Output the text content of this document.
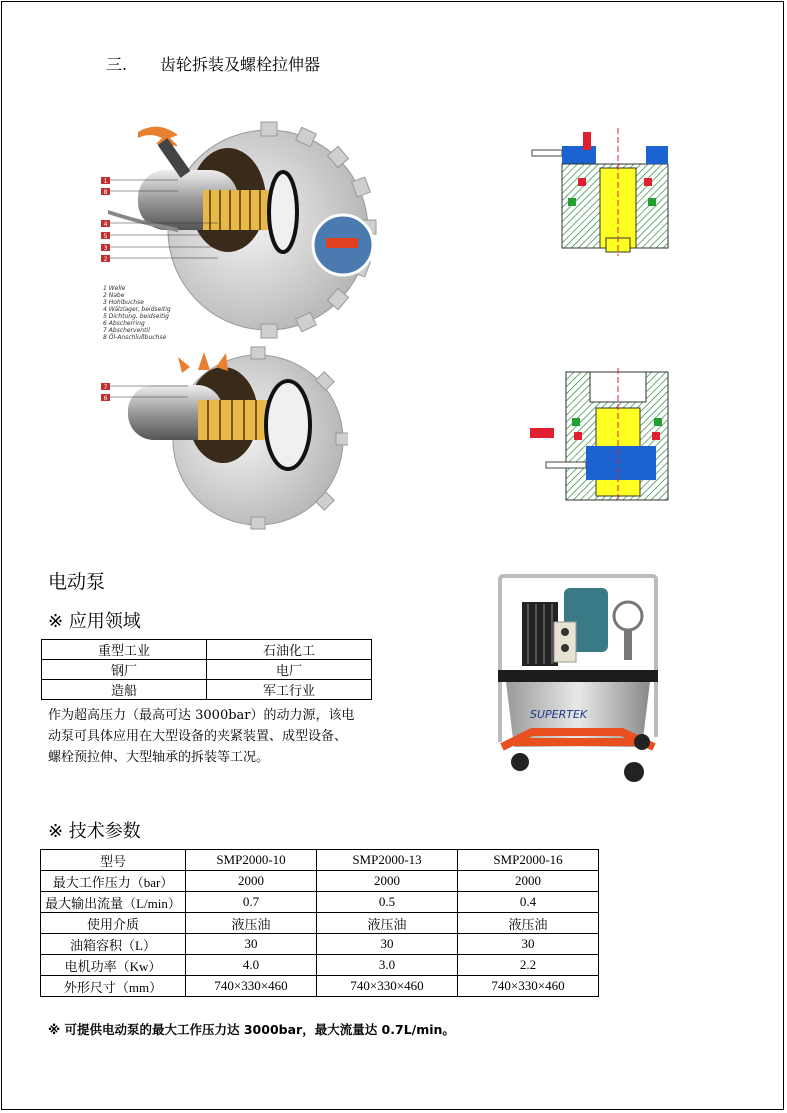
三. 齿轮拆装及螺栓拉伸器
1
8
4
5
3
2
1 Welle
2 Nabe
3 Hohlbuchse
4 Wälzlager, beidseitig
5 Dichtung, beidseitig
6 Abscherring
7 Abscherventil
8 Öl-Anschlußbuchse
7
6
电动泵
※ 应用领域
重型工业	石油化工
钢厂	电厂
造船	军工行业
作为超高压力（最高可达 3000bar）的动力源，该电
动泵可具体应用在大型设备的夹紧装置、成型设备、
螺栓预拉伸、大型轴承的拆装等工况。
SUPERTEK
※ 技术参数
型号	SMP2000-10	SMP2000-13	SMP2000-16
最大工作压力（bar）	2000	2000	2000
最大输出流量（L/min）	0.7	0.5	0.4
使用介质	液压油	液压油	液压油
油箱容积（L）	30	30	30
电机功率（Kw）	4.0	3.0	2.2
外形尺寸（mm）	740×330×460	740×330×460	740×330×460
※ 可提供电动泵的最大工作压力达 3000bar，最大流量达 0.7L/min。
